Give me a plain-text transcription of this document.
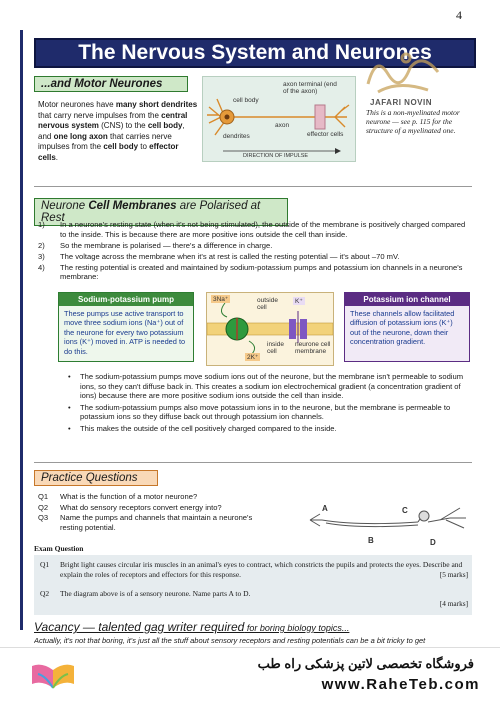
4
The Nervous System and Neurones
JAFARI NOVIN
...and Motor Neurones
Motor neurones have many short dendrites that carry nerve impulses from the central nervous system (CNS) to the cell body, and one long axon that carries nerve impulses from the cell body to effector cells.
axon terminal (end of the axon)
cell body
dendrites
axon
effector cells
DIRECTION OF IMPULSE
This is a non-myelinated motor neurone — see p. 115 for the structure of a myelinated one.
Neurone Cell Membranes are Polarised at Rest
1)	In a neurone's resting state (when it's not being stimulated), the outside of the membrane is positively charged compared to the inside. This is because there are more positive ions outside the cell than inside.
2)	So the membrane is polarised — there's a difference in charge.
3)	The voltage across the membrane when it's at rest is called the resting potential — it's about –70 mV.
4)	The resting potential is created and maintained by sodium-potassium pumps and potassium ion channels in a neurone's membrane:
Sodium-potassium pump
These pumps use active transport to move three sodium ions (Na⁺) out of the neurone for every two potassium ions (K⁺) moved in. ATP is needed to do this.
3Na⁺	K⁺
outside cell
inside cell
2K⁺
neurone cell membrane
Potassium ion channel
These channels allow facilitated diffusion of potassium ions (K⁺) out of the neurone, down their concentration gradient.
•	The sodium-potassium pumps move sodium ions out of the neurone, but the membrane isn't permeable to sodium ions, so they can't diffuse back in. This creates a sodium ion electrochemical gradient (a concentration gradient of ions) because there are more positive sodium ions outside the cell than inside.
•	The sodium-potassium pumps also move potassium ions in to the neurone, but the membrane is permeable to potassium ions so they diffuse back out through potassium ion channels.
•	This makes the outside of the cell positively charged compared to the inside.
Practice Questions
Q1	What is the function of a motor neurone?
Q2	What do sensory receptors convert energy into?
Q3	Name the pumps and channels that maintain a neurone's resting potential.
A
B
C
D
Exam Question
Q1	Bright light causes circular iris muscles in an animal's eyes to contract, which constricts the pupils and protects the eyes. Describe and explain the roles of receptors and effectors for this response.	[5 marks]
Q2	The diagram above is of a sensory neurone. Name parts A to D.
[4 marks]
Vacancy — talented gag writer required for boring biology topics...
Actually, it's not that boring, it's just all the stuff about sensory receptors and resting potentials can be a bit tricky to get
فروشگاه تخصصی لاتین پزشکی راه طب
www.RaheTeb.com
